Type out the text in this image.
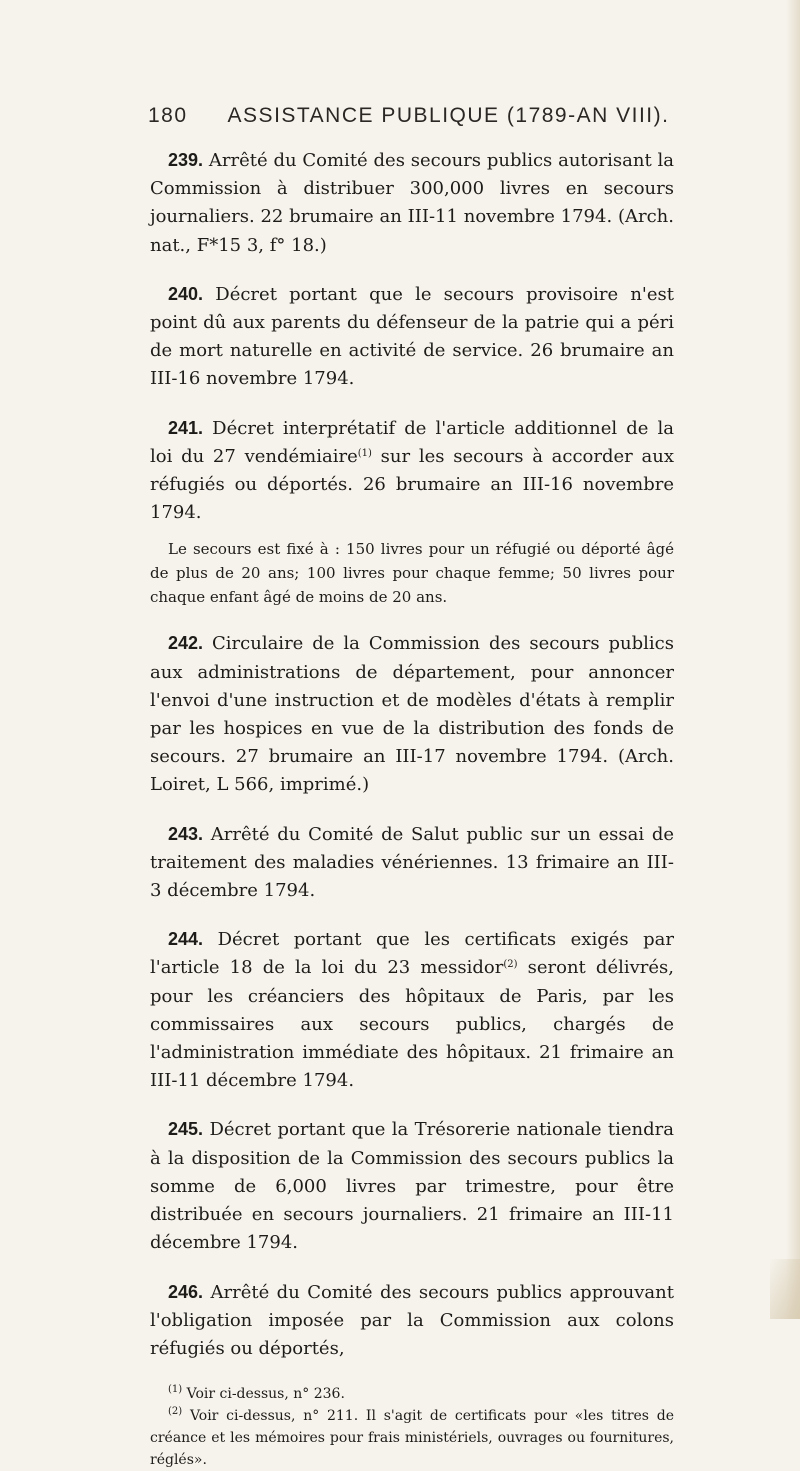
180 ASSISTANCE PUBLIQUE (1789-AN VIII).

239. Arrêté du Comité des secours publics autorisant la Commission à distribuer 300,000 livres en secours journaliers. 22 brumaire an III-11 novembre 1794. (Arch. nat., F*15 3, f° 18.)

240. Décret portant que le secours provisoire n'est point dû aux parents du défenseur de la patrie qui a péri de mort naturelle en activité de service. 26 brumaire an III-16 novembre 1794.

241. Décret interprétatif de l'article additionnel de la loi du 27 vendémiaire$^{(1)}$ sur les secours à accorder aux réfugiés ou déportés. 26 brumaire an III-16 novembre 1794.

Le secours est fixé à : 150 livres pour un réfugié ou déporté âgé de plus de 20 ans; 100 livres pour chaque femme; 50 livres pour chaque enfant âgé de moins de 20 ans.

242. Circulaire de la Commission des secours publics aux administrations de département, pour annoncer l'envoi d'une instruction et de modèles d'états à remplir par les hospices en vue de la distribution des fonds de secours. 27 brumaire an III-17 novembre 1794. (Arch. Loiret, L 566, imprimé.)

243. Arrêté du Comité de Salut public sur un essai de traitement des maladies vénériennes. 13 frimaire an III-3 décembre 1794.

244. Décret portant que les certificats exigés par l'article 18 de la loi du 23 messidor$^{(2)}$ seront délivrés, pour les créanciers des hôpitaux de Paris, par les commissaires aux secours publics, chargés de l'administration immédiate des hôpitaux. 21 frimaire an III-11 décembre 1794.

245. Décret portant que la Trésorerie nationale tiendra à la disposition de la Commission des secours publics la somme de 6,000 livres par trimestre, pour être distribuée en secours journaliers. 21 frimaire an III-11 décembre 1794.

246. Arrêté du Comité des secours publics approuvant l'obligation imposée par la Commission aux colons réfugiés ou déportés,

$^{(1)}$ Voir ci-dessus, n° 236.

$^{(2)}$ Voir ci-dessus, n° 211. Il s'agit de certificats pour «les titres de créance et les mémoires pour frais ministériels, ouvrages ou fournitures, réglés».
